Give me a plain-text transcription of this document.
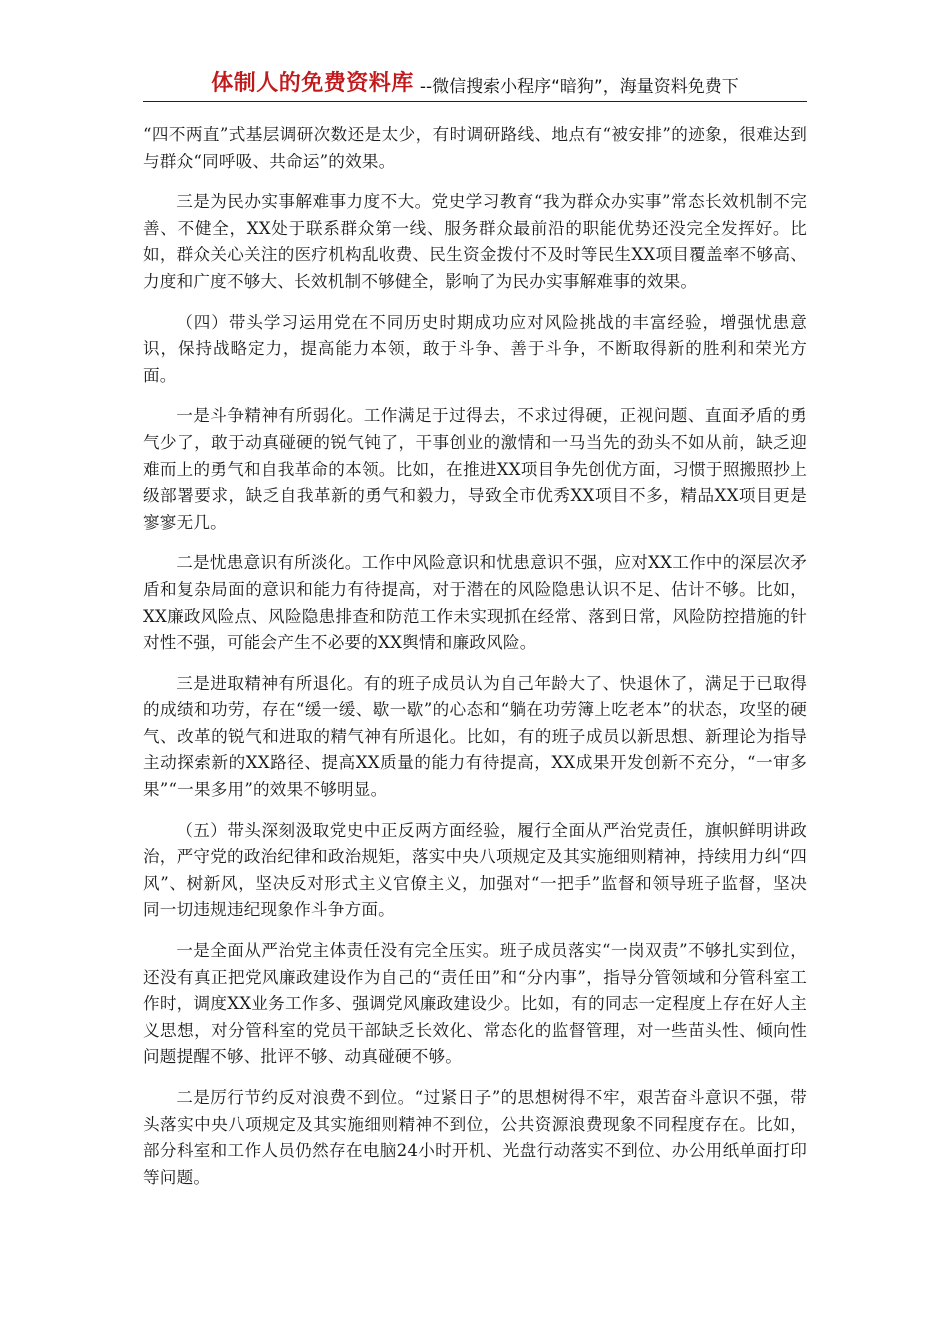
体制人的免费资料库 --微信搜索小程序“暗狗”，海量资料免费下

“四不两直”式基层调研次数还是太少，有时调研路线、地点有“被安排”的迹象，很难达到与群众“同呼吸、共命运”的效果。

三是为民办实事解难事力度不大。党史学习教育“我为群众办实事”常态长效机制不完善、不健全，XX处于联系群众第一线、服务群众最前沿的职能优势还没完全发挥好。比如，群众关心关注的医疗机构乱收费、民生资金拨付不及时等民生XX项目覆盖率不够高、力度和广度不够大、长效机制不够健全，影响了为民办实事解难事的效果。

（四）带头学习运用党在不同历史时期成功应对风险挑战的丰富经验，增强忧患意识，保持战略定力，提高能力本领，敢于斗争、善于斗争，不断取得新的胜利和荣光方面。

一是斗争精神有所弱化。工作满足于过得去，不求过得硬，正视问题、直面矛盾的勇气少了，敢于动真碰硬的锐气钝了，干事创业的激情和一马当先的劲头不如从前，缺乏迎难而上的勇气和自我革命的本领。比如，在推进XX项目争先创优方面，习惯于照搬照抄上级部署要求，缺乏自我革新的勇气和毅力，导致全市优秀XX项目不多，精品XX项目更是寥寥无几。

二是忧患意识有所淡化。工作中风险意识和忧患意识不强，应对XX工作中的深层次矛盾和复杂局面的意识和能力有待提高，对于潜在的风险隐患认识不足、估计不够。比如，XX廉政风险点、风险隐患排查和防范工作未实现抓在经常、落到日常，风险防控措施的针对性不强，可能会产生不必要的XX舆情和廉政风险。

三是进取精神有所退化。有的班子成员认为自己年龄大了、快退休了，满足于已取得的成绩和功劳，存在“缓一缓、歇一歇”的心态和“躺在功劳簿上吃老本”的状态，攻坚的硬气、改革的锐气和进取的精气神有所退化。比如，有的班子成员以新思想、新理论为指导主动探索新的XX路径、提高XX质量的能力有待提高，XX成果开发创新不充分，“一审多果”“一果多用”的效果不够明显。

（五）带头深刻汲取党史中正反两方面经验，履行全面从严治党责任，旗帜鲜明讲政治，严守党的政治纪律和政治规矩，落实中央八项规定及其实施细则精神，持续用力纠“四风”、树新风，坚决反对形式主义官僚主义，加强对“一把手”监督和领导班子监督，坚决同一切违规违纪现象作斗争方面。

一是全面从严治党主体责任没有完全压实。班子成员落实“一岗双责”不够扎实到位，还没有真正把党风廉政建设作为自己的“责任田”和“分内事”，指导分管领域和分管科室工作时，调度XX业务工作多、强调党风廉政建设少。比如，有的同志一定程度上存在好人主义思想，对分管科室的党员干部缺乏长效化、常态化的监督管理，对一些苗头性、倾向性问题提醒不够、批评不够、动真碰硬不够。

二是厉行节约反对浪费不到位。“过紧日子”的思想树得不牢，艰苦奋斗意识不强，带头落实中央八项规定及其实施细则精神不到位，公共资源浪费现象不同程度存在。比如，部分科室和工作人员仍然存在电脑24小时开机、光盘行动落实不到位、办公用纸单面打印等问题。
